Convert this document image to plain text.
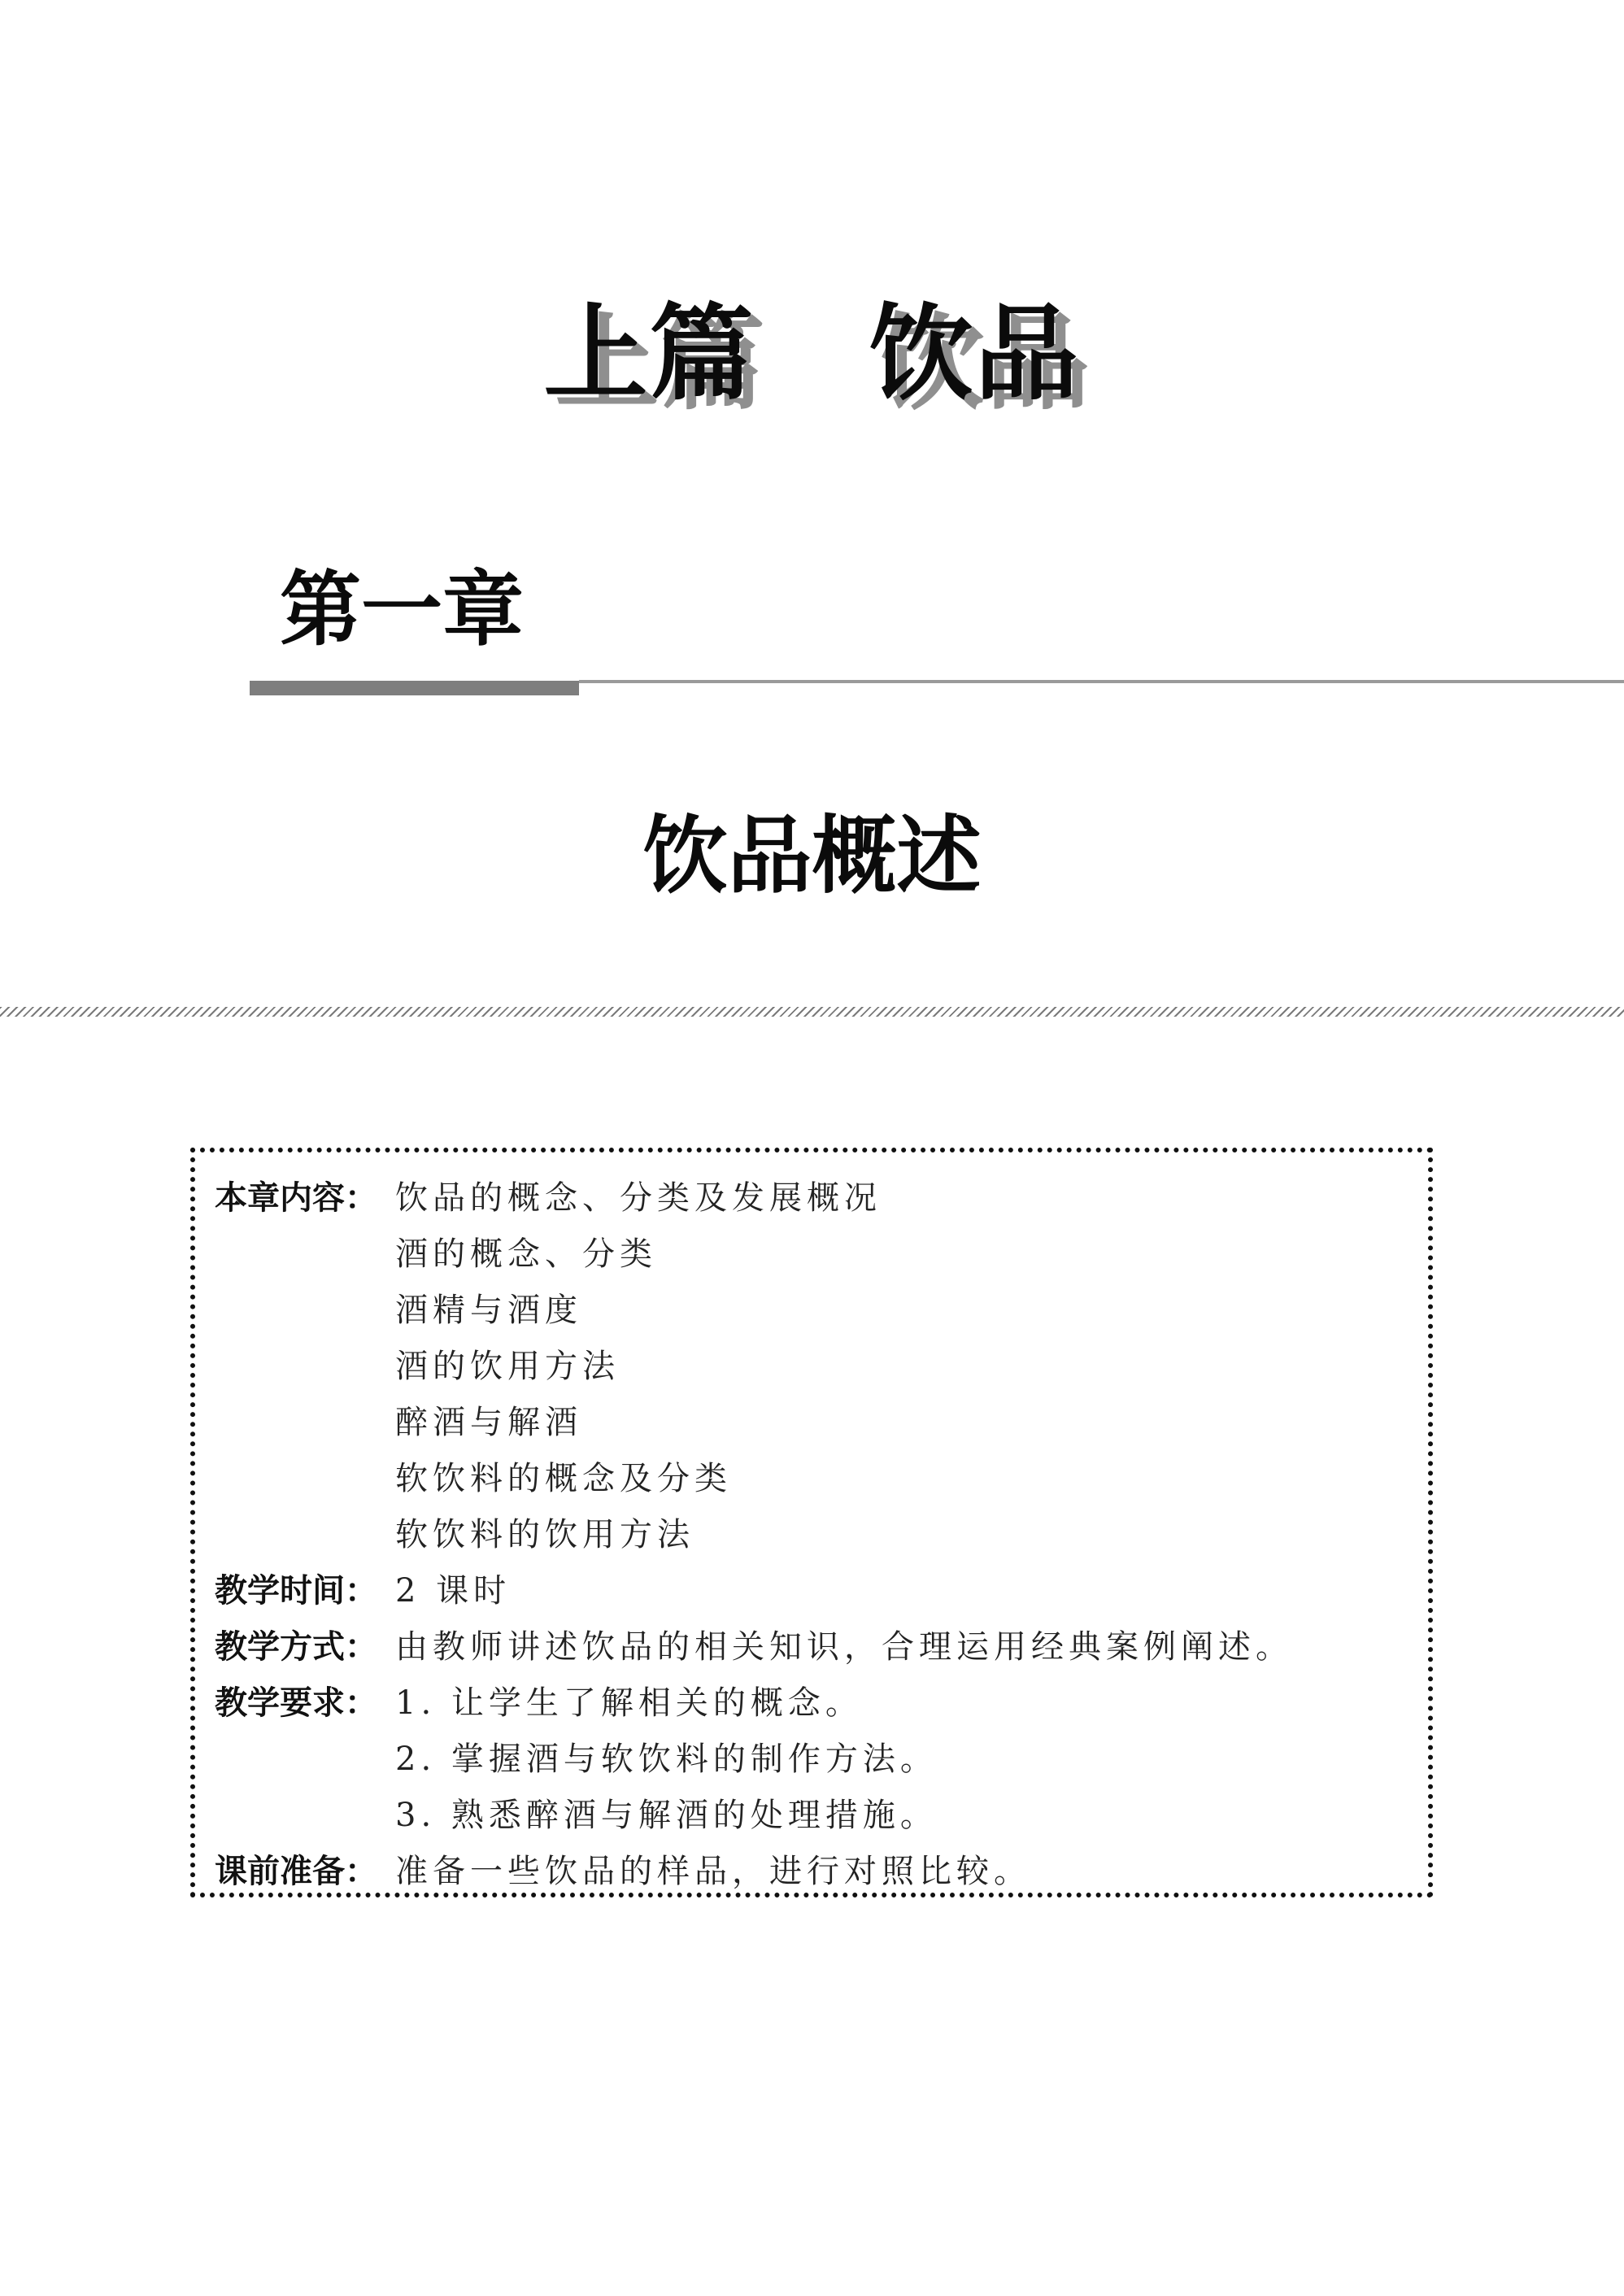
上篇 饮品
第一章
饮品概述
本章内容： 饮品的概念、分类及发展概况
酒的概念、分类
酒精与酒度
酒的饮用方法
醉酒与解酒
软饮料的概念及分类
软饮料的饮用方法
教学时间： 2 课时
教学方式： 由教师讲述饮品的相关知识，合理运用经典案例阐述。
教学要求： 1. 让学生了解相关的概念。
2. 掌握酒与软饮料的制作方法。
3. 熟悉醉酒与解酒的处理措施。
课前准备： 准备一些饮品的样品，进行对照比较。
